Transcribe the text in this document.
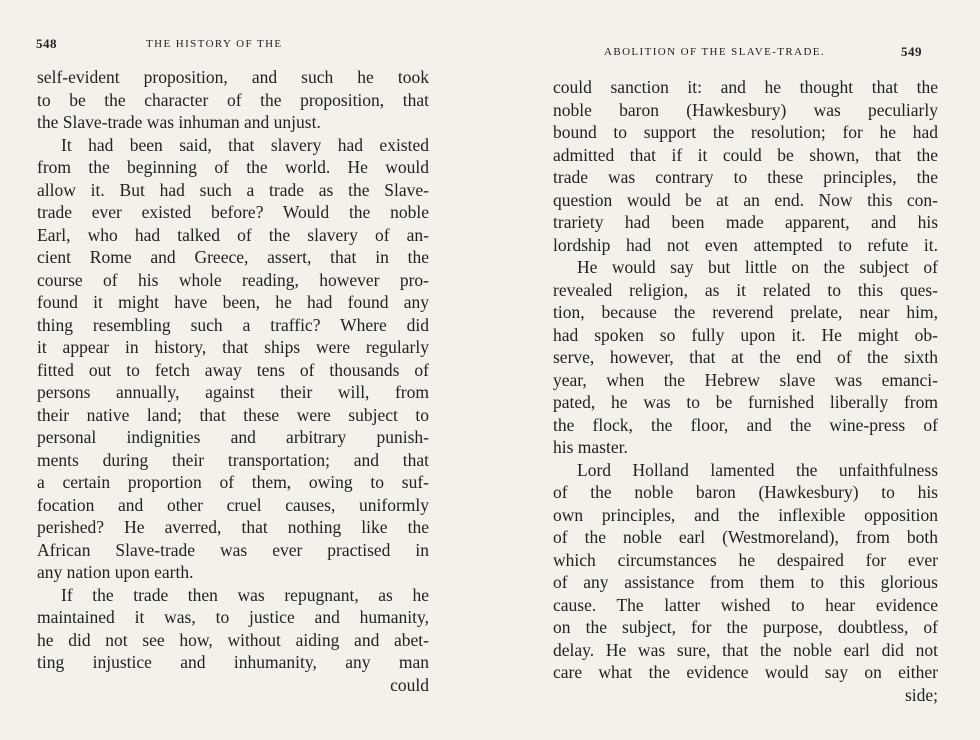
548	THE HISTORY OF THE
self-evident proposition, and such he took
to be the character of the proposition, that
the Slave-trade was inhuman and unjust.
It had been said, that slavery had existed
from the beginning of the world. He would
allow it. But had such a trade as the Slave-
trade ever existed before? Would the noble
Earl, who had talked of the slavery of an-
cient Rome and Greece, assert, that in the
course of his whole reading, however pro-
found it might have been, he had found any
thing resembling such a traffic? Where did
it appear in history, that ships were regularly
fitted out to fetch away tens of thousands of
persons annually, against their will, from
their native land; that these were subject to
personal indignities and arbitrary punish-
ments during their transportation; and that
a certain proportion of them, owing to suf-
focation and other cruel causes, uniformly
perished? He averred, that nothing like the
African Slave-trade was ever practised in
any nation upon earth.
If the trade then was repugnant, as he
maintained it was, to justice and humanity,
he did not see how, without aiding and abet-
ting injustice and inhumanity, any man
could
ABOLITION OF THE SLAVE-TRADE.	549
could sanction it: and he thought that the
noble baron (Hawkesbury) was peculiarly
bound to support the resolution; for he had
admitted that if it could be shown, that the
trade was contrary to these principles, the
question would be at an end. Now this con-
trariety had been made apparent, and his
lordship had not even attempted to refute it.
He would say but little on the subject of
revealed religion, as it related to this ques-
tion, because the reverend prelate, near him,
had spoken so fully upon it. He might ob-
serve, however, that at the end of the sixth
year, when the Hebrew slave was emanci-
pated, he was to be furnished liberally from
the flock, the floor, and the wine-press of
his master.
Lord Holland lamented the unfaithfulness
of the noble baron (Hawkesbury) to his
own principles, and the inflexible opposition
of the noble earl (Westmoreland), from both
which circumstances he despaired for ever
of any assistance from them to this glorious
cause. The latter wished to hear evidence
on the subject, for the purpose, doubtless, of
delay. He was sure, that the noble earl did not
care what the evidence would say on either
side;
